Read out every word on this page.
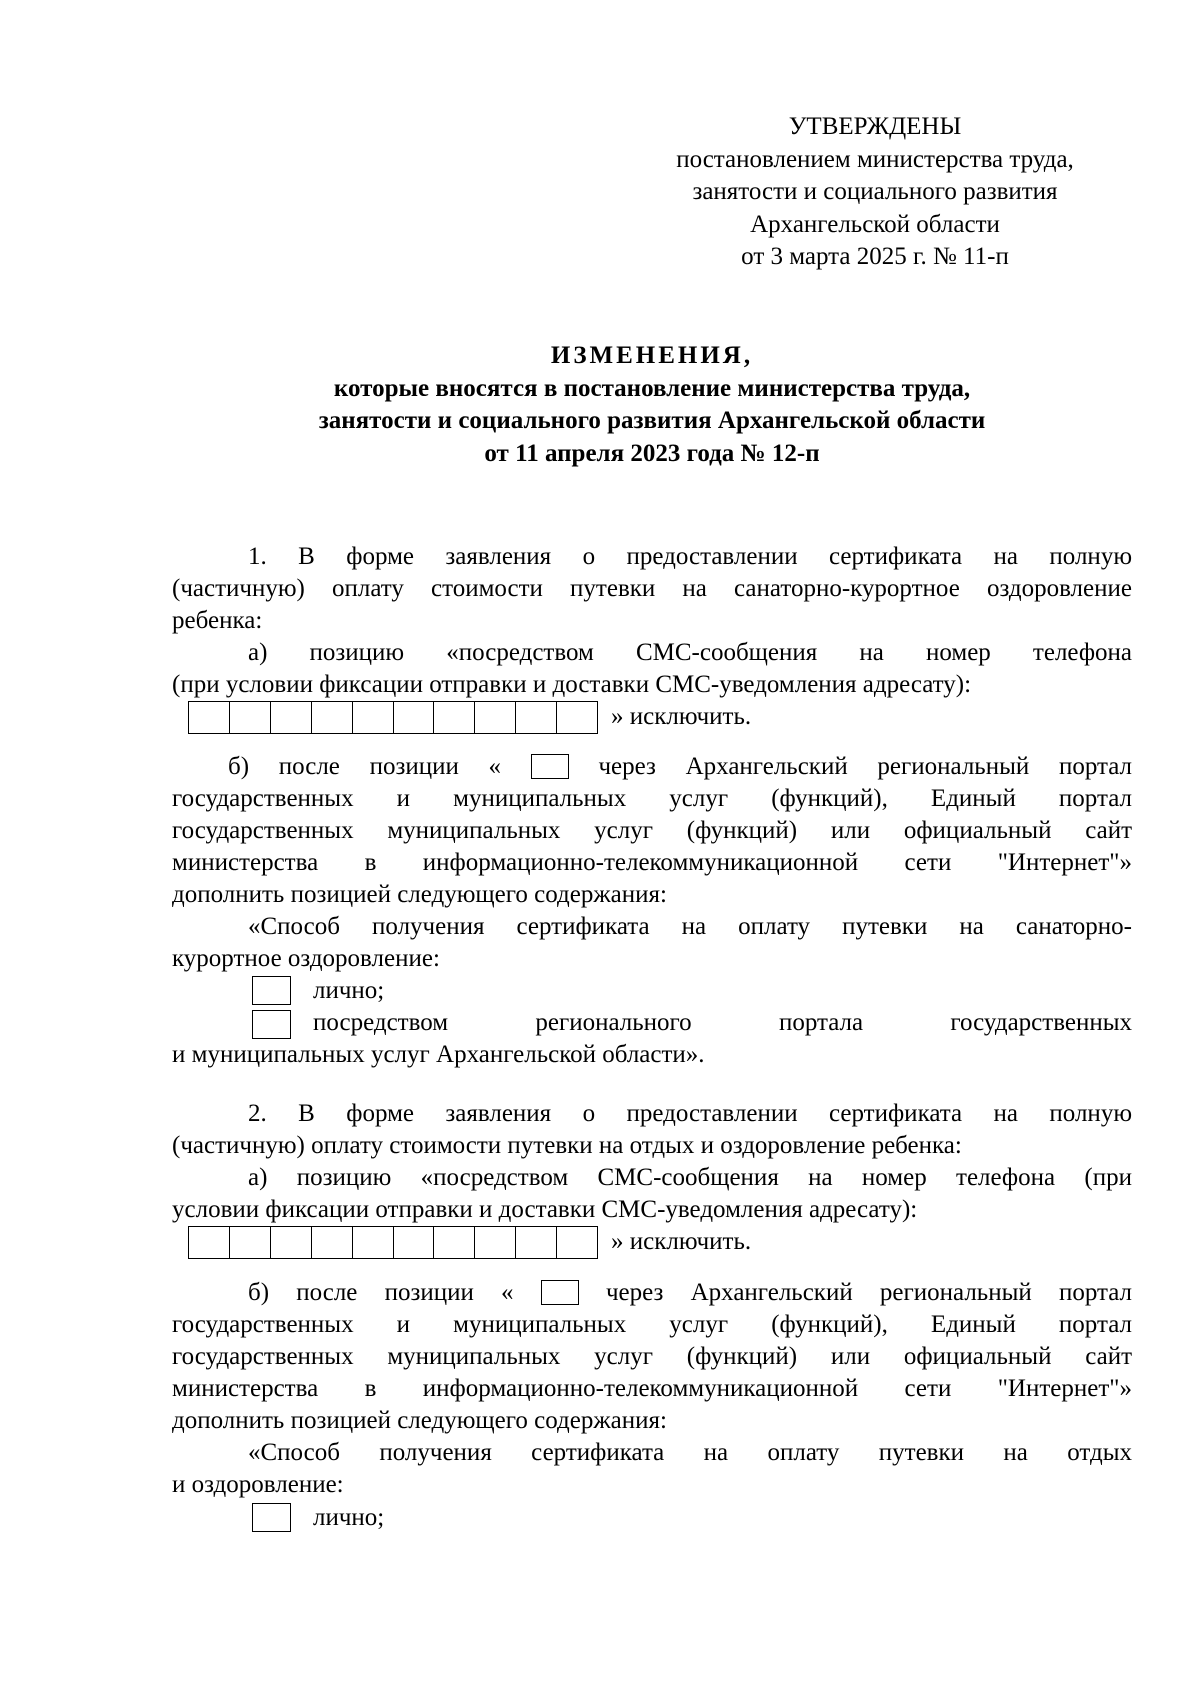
УТВЕРЖДЕНЫ
постановлением министерства труда,
занятости и социального развития
Архангельской области
от 3 марта 2025 г. № 11-п
ИЗМЕНЕНИЯ,
которые вносятся в постановление министерства труда,
занятости и социального развития Архангельской области
от 11 апреля 2023 года № 12-п
1. В форме заявления о предоставлении сертификата на полную
(частичную) оплату стоимости путевки на санаторно-курортное оздоровление
ребенка:
а) позицию «посредством СМС-сообщения на номер телефона
(при условии фиксации отправки и доставки СМС-уведомления адресату):
» исключить.
б) после позиции «	через Архангельский региональный портал
государственных и муниципальных услуг (функций), Единый портал
государственных муниципальных услуг (функций) или официальный сайт
министерства в информационно-телекоммуникационной сети "Интернет"»
дополнить позицией следующего содержания:
«Способ получения сертификата на оплату путевки на санаторно-
курортное оздоровление:
лично;
посредством регионального портала государственных
и муниципальных услуг Архангельской области».
2. В форме заявления о предоставлении сертификата на полную
(частичную) оплату стоимости путевки на отдых и оздоровление ребенка:
а) позицию «посредством СМС-сообщения на номер телефона (при
условии фиксации отправки и доставки СМС-уведомления адресату):
» исключить.
б) после позиции «	через Архангельский региональный портал
государственных и муниципальных услуг (функций), Единый портал
государственных муниципальных услуг (функций) или официальный сайт
министерства в информационно-телекоммуникационной сети "Интернет"»
дополнить позицией следующего содержания:
«Способ получения сертификата на оплату путевки на отдых
и оздоровление:
лично;
